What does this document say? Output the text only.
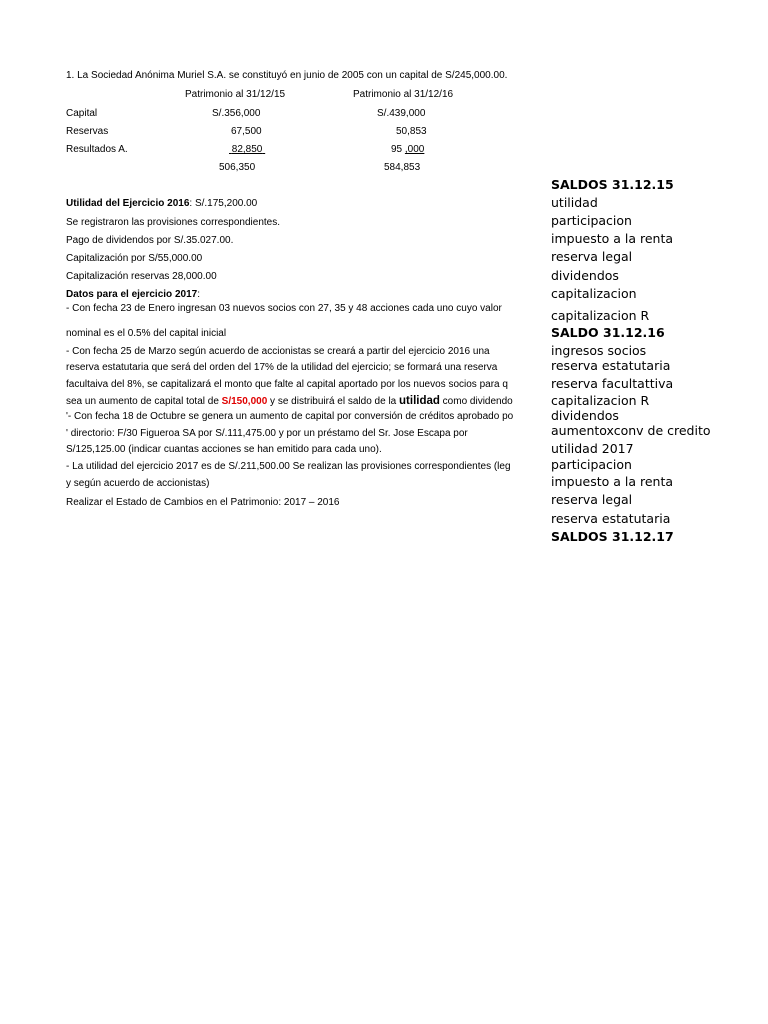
1. La Sociedad Anónima Muriel S.A. se constituyó en junio de 2005 con un capital de S/245,000.00.
Patrimonio al 31/12/15	Patrimonio al 31/12/16
Capital	S/.356,000	S/.439,000
Reservas	67,500	50,853
Resultados A.	82,850	95 ,000
506,350	584,853
Utilidad del Ejercicio 2016: S/.175,200.00
Se registraron las provisiones correspondientes.
Pago de dividendos por S/.35.027.00.
Capitalización por S/55,000.00
Capitalización reservas 28,000.00
Datos para el ejercicio 2017:
- Con fecha 23 de Enero ingresan 03 nuevos socios con 27, 35 y 48 acciones cada uno cuyo valor
nominal es el 0.5% del capital inicial
- Con fecha 25 de Marzo según acuerdo de accionistas se creará a partir del ejercicio 2016 una
reserva estatutaria que será del orden del 17% de la utilidad del ejercicio; se formará una reserva
facultaiva del 8%, se capitalizará el monto que falte al capital aportado por los nuevos socios para q
sea un aumento de capital total de S/150,000 y se distribuirá el saldo de la utilidad como dividendo
'- Con fecha 18 de Octubre se genera un aumento de capital por conversión de créditos aprobado po
' directorio: F/30 Figueroa SA por S/.111,475.00 y por un préstamo del Sr. Jose Escapa por
S/125,125.00 (indicar cuantas acciones se han emitido para cada uno).
- La utilidad del ejercicio 2017 es de S/.211,500.00 Se realizan las provisiones correspondientes (leg
y según acuerdo de accionistas)
Realizar el Estado de Cambios en el Patrimonio: 2017 – 2016
SALDOS 31.12.15
utilidad
participacion
impuesto a la renta
reserva legal
dividendos
capitalizacion
capitalizacion R
SALDO 31.12.16
ingresos socios
reserva estatutaria
reserva facultattiva
capitalizacion R
dividendos
aumentoxconv de credito
utilidad 2017
participacion
impuesto a la renta
reserva legal
reserva estatutaria
SALDOS 31.12.17
